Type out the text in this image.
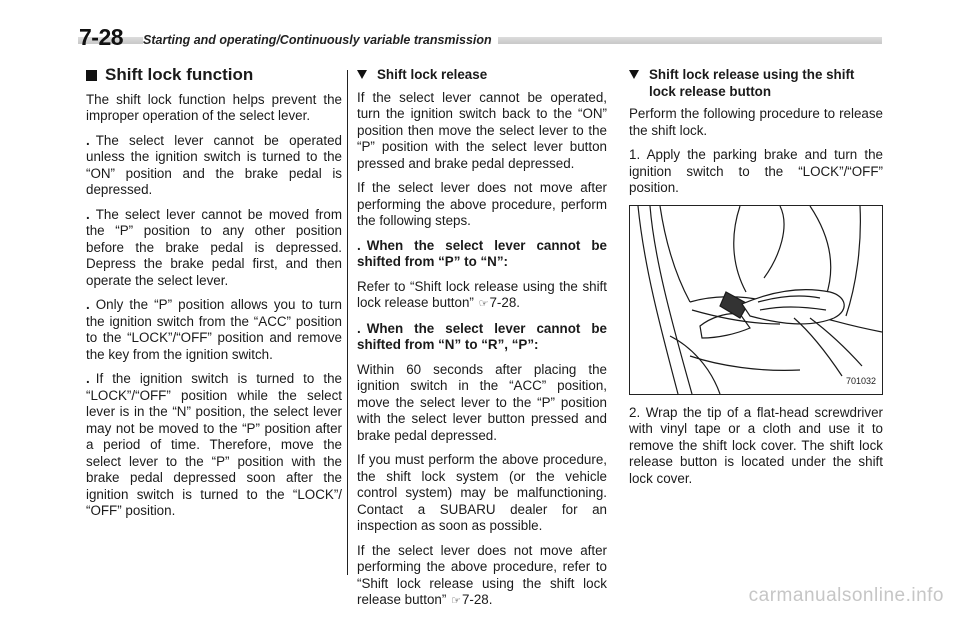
7-28 Starting and operating/Continuously variable transmission
Shift lock function

The shift lock function helps prevent the improper operation of the select lever.

. The select lever cannot be operated unless the ignition switch is turned to the “ON” position and the brake pedal is depressed.

. The select lever cannot be moved from the “P” position to any other position before the brake pedal is depressed. Depress the brake pedal first, and then operate the select lever.

. Only the “P” position allows you to turn the ignition switch from the “ACC” position to the “LOCK”/“OFF” position and remove the key from the ignition switch.

. If the ignition switch is turned to the “LOCK”/“OFF” position while the select lever is in the “N” position, the select lever may not be moved to the “P” position after a period of time. Therefore, move the select lever to the “P” position with the brake pedal depressed soon after the ignition switch is turned to the “LOCK”/ “OFF” position.

Shift lock release

If the select lever cannot be operated, turn the ignition switch back to the “ON” position then move the select lever to the “P” position with the select lever button pressed and brake pedal depressed.

If the select lever does not move after performing the above procedure, perform the following steps.

. When the select lever cannot be shifted from “P” to “N”:

Refer to “Shift lock release using the shift lock release button” ☞7-28.

. When the select lever cannot be shifted from “N” to “R”, “P”:

Within 60 seconds after placing the ignition switch in the “ACC” position, move the select lever to the “P” position with the select lever button pressed and brake pedal depressed.

If you must perform the above procedure, the shift lock system (or the vehicle control system) may be malfunctioning. Contact a SUBARU dealer for an inspection as soon as possible.

If the select lever does not move after performing the above procedure, refer to “Shift lock release using the shift lock release button” ☞7-28.

Shift lock release using the shift lock release button

Perform the following procedure to release the shift lock.

1. Apply the parking brake and turn the ignition switch to the “LOCK”/“OFF” position.

701032

2. Wrap the tip of a flat-head screwdriver with vinyl tape or a cloth and use it to remove the shift lock cover. The shift lock release button is located under the shift lock cover.

carmanualsonline.info
